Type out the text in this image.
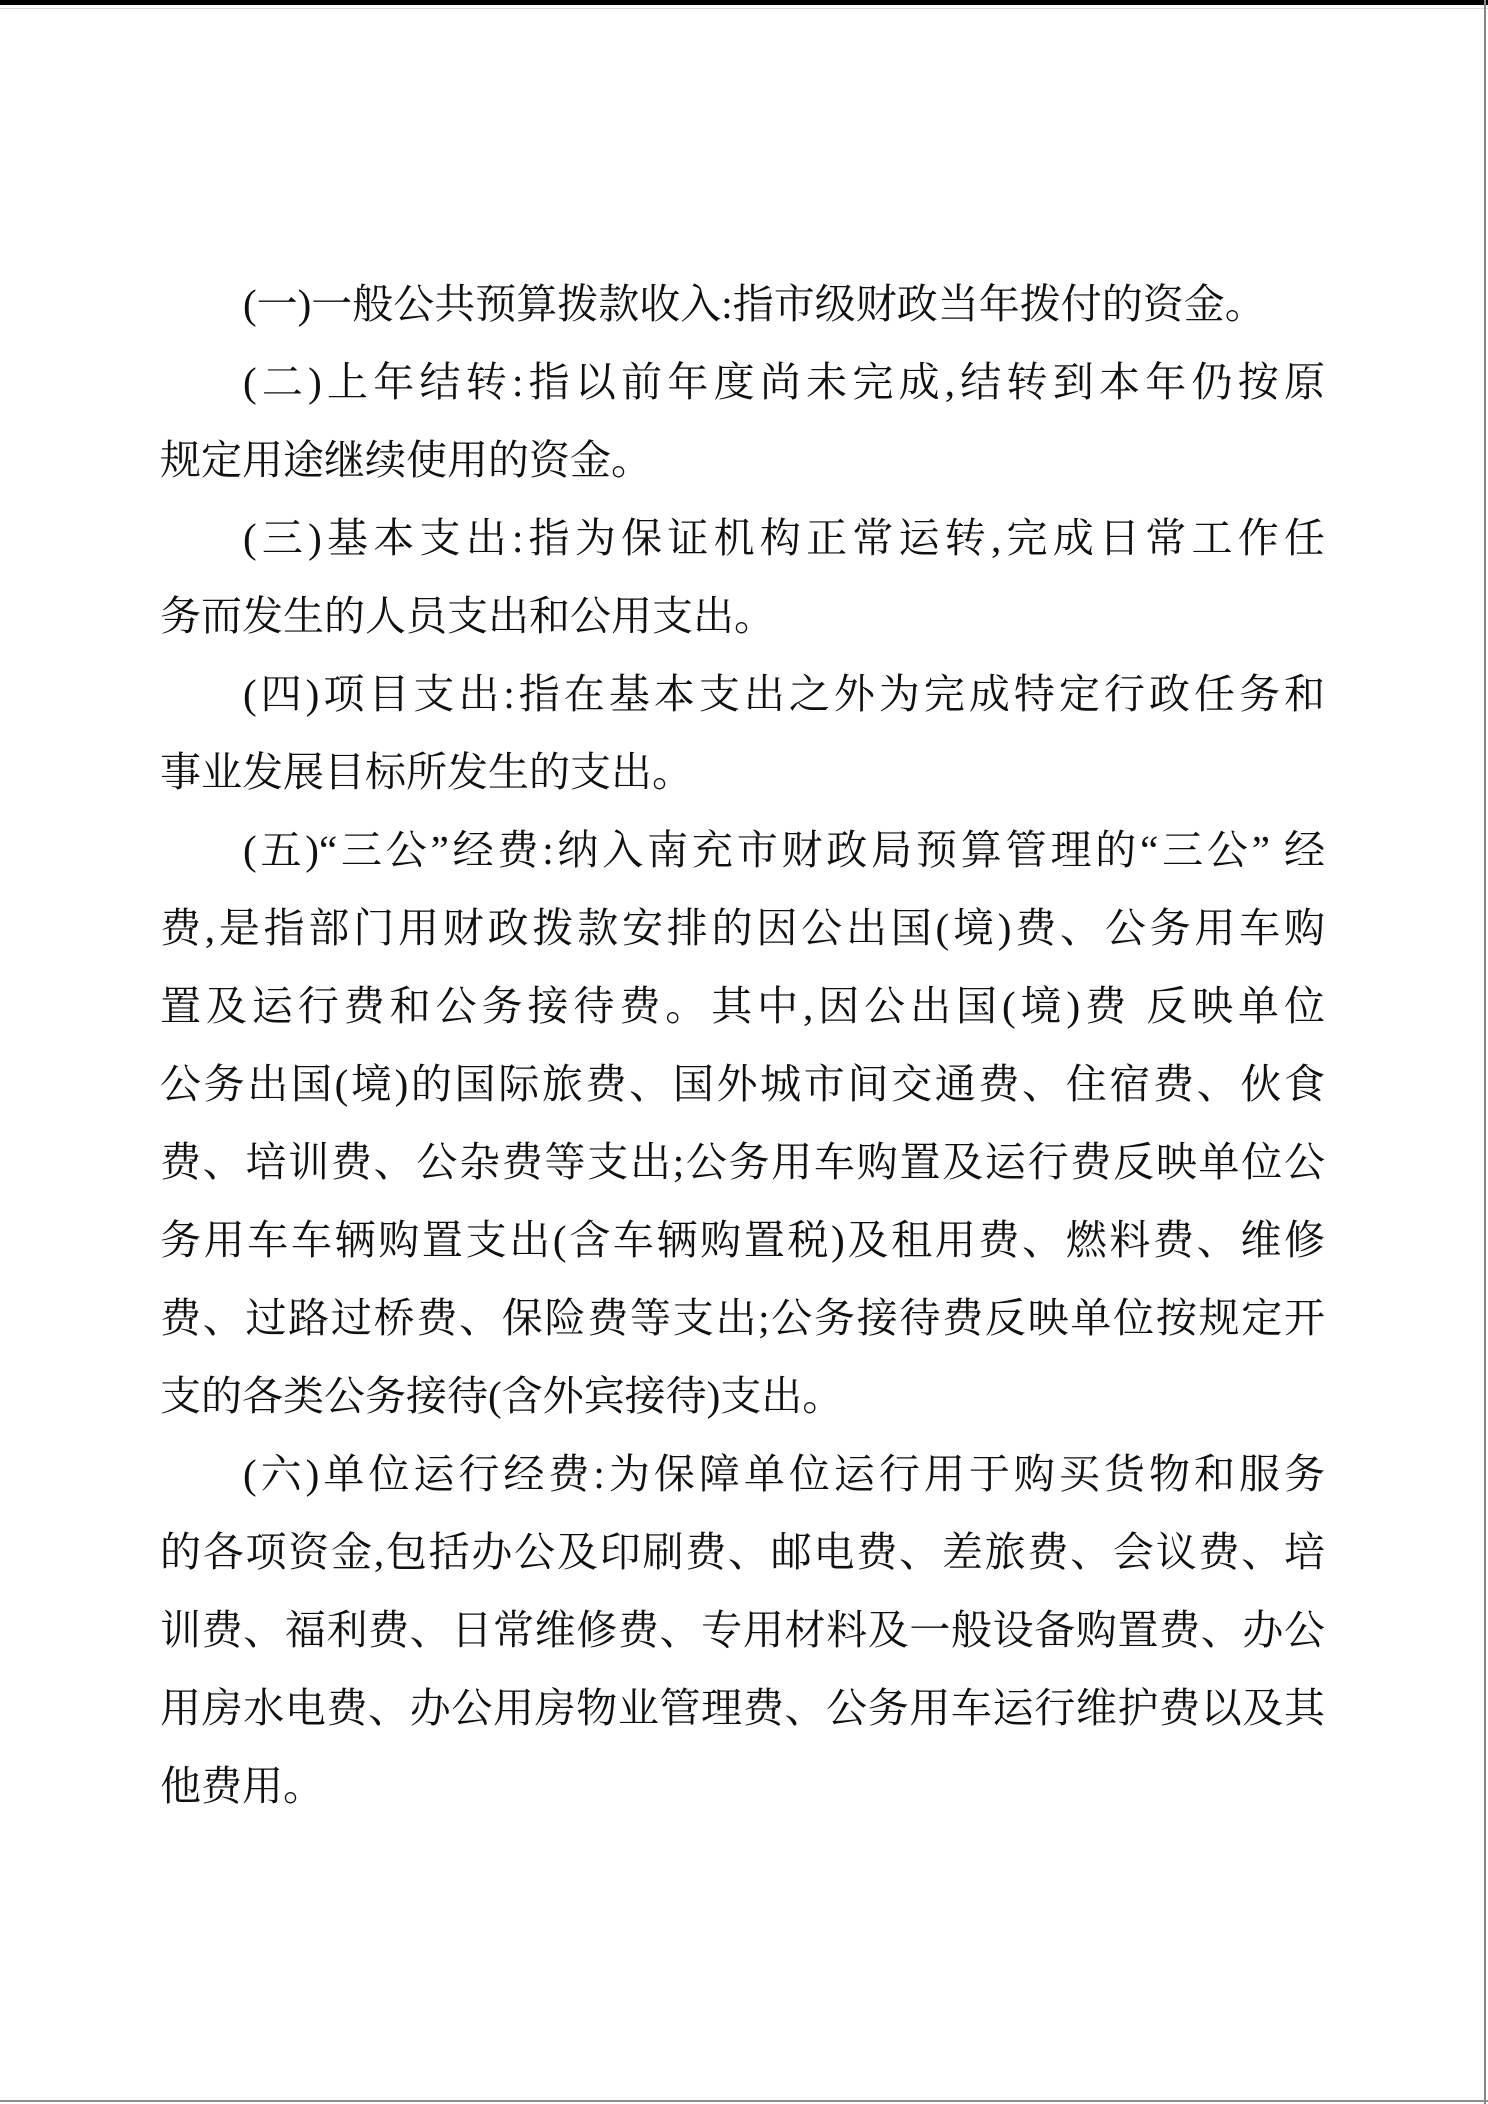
(一)一般公共预算拨款收入:指市级财政当年拨付的资金。
(二)上年结转:指以前年度尚未完成,结转到本年仍按原
规定用途继续使用的资金。
(三)基本支出:指为保证机构正常运转,完成日常工作任
务而发生的人员支出和公用支出。
(四)项目支出:指在基本支出之外为完成特定行政任务和
事业发展目标所发生的支出。
(五)“三公”经费:纳入南充市财政局预算管理的“三公” 经
费,是指部门用财政拨款安排的因公出国(境)费、公务用车购
置及运行费和公务接待费。其中,因公出国(境)费 反映单位
公务出国(境)的国际旅费、国外城市间交通费、住宿费、伙食
费、培训费、公杂费等支出;公务用车购置及运行费反映单位公
务用车车辆购置支出(含车辆购置税)及租用费、燃料费、维修
费、过路过桥费、保险费等支出;公务接待费反映单位按规定开
支的各类公务接待(含外宾接待)支出。
(六)单位运行经费:为保障单位运行用于购买货物和服务
的各项资金,包括办公及印刷费、邮电费、差旅费、会议费、培
训费、福利费、日常维修费、专用材料及一般设备购置费、办公
用房水电费、办公用房物业管理费、公务用车运行维护费以及其
他费用。
